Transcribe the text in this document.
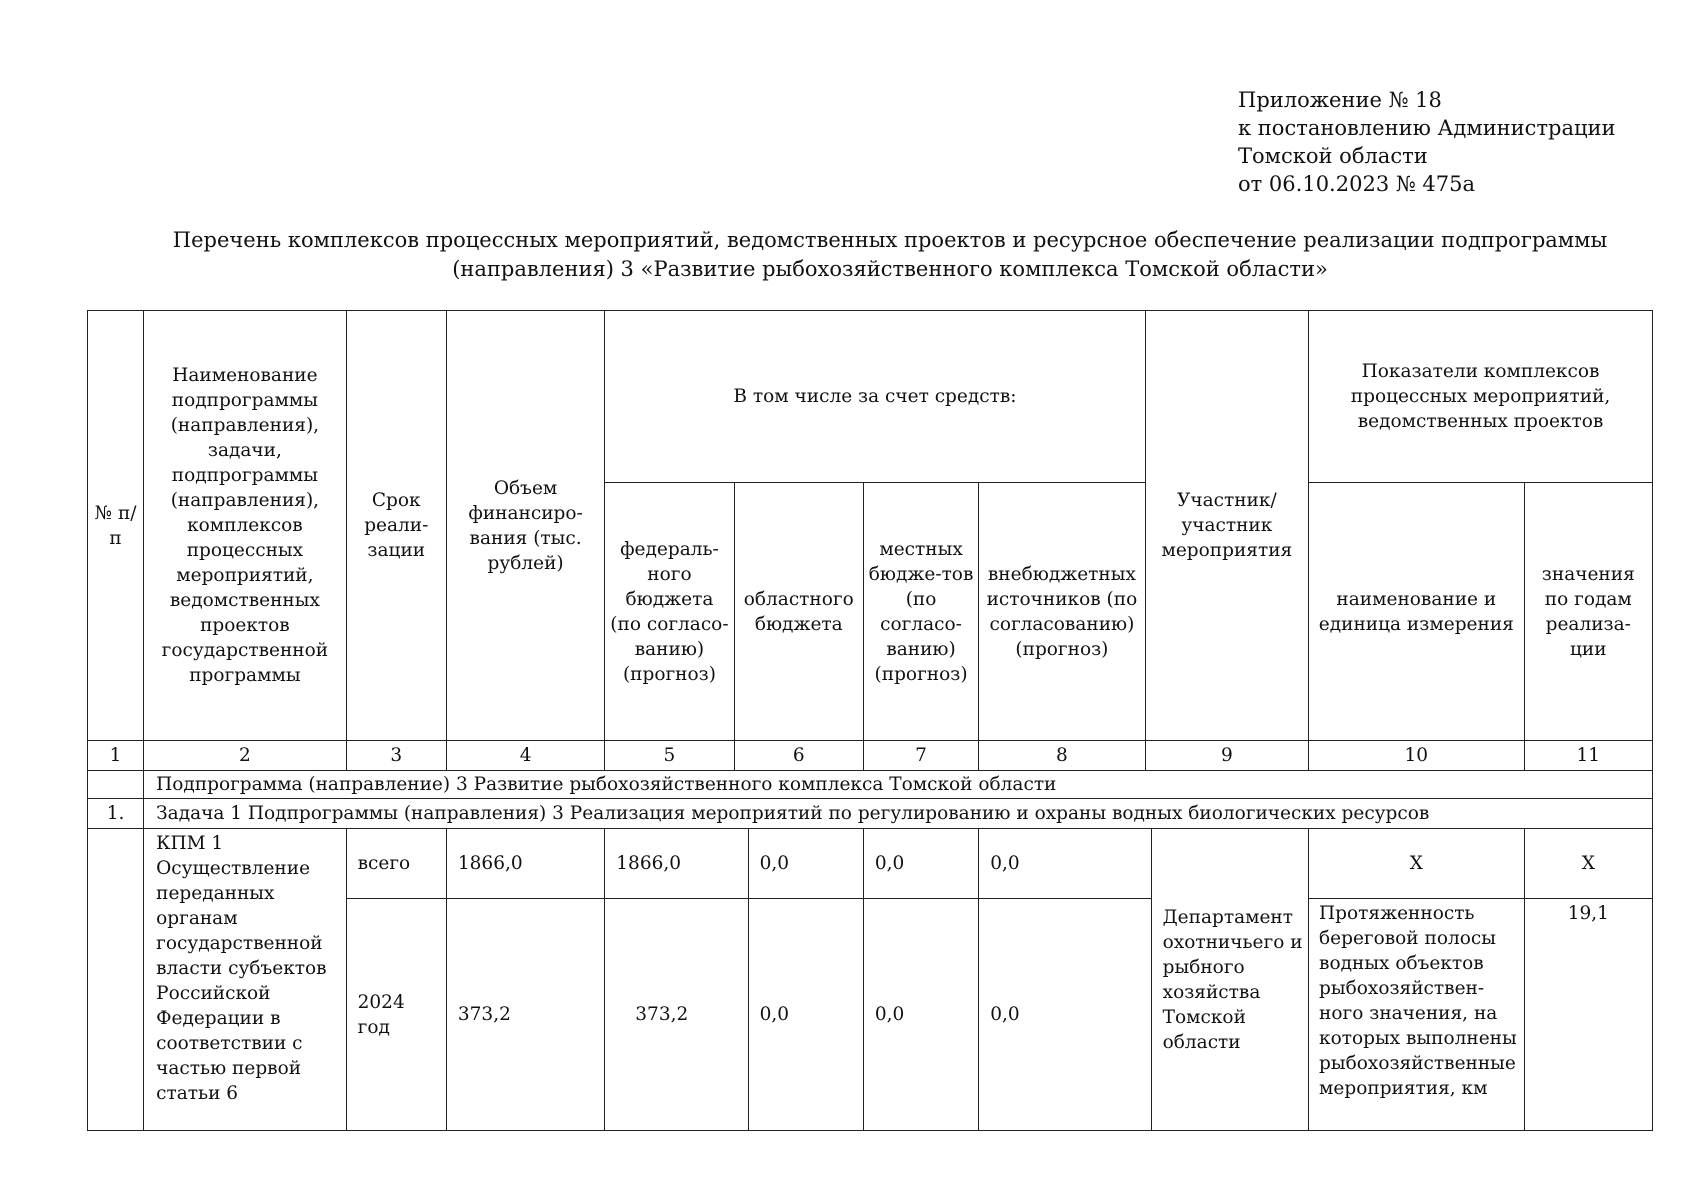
Приложение № 18
к постановлению Администрации
Томской области
от 06.10.2023 № 475а
Перечень комплексов процессных мероприятий, ведомственных проектов и ресурсное обеспечение реализации подпрограммы
(направления) 3 «Развитие рыбохозяйственного комплекса Томской области»
№ п/п	Наименование подпрограммы (направления), задачи, подпрограммы (направления), комплексов процессных мероприятий, ведомственных проектов государственной программы	Срок реали-зации	Объем финансиро-вания (тыс. рублей)	В том числе за счет средств:					Участник/ участник мероприятия		Показатели комплексов процессных мероприятий, ведомственных проектов	
				федераль-ного бюджета (по согласо-ванию) (прогноз)	областного бюджета		местных бюдже-тов (по согласо-ванию) (прогноз)	внебюджетных источников (по согласованию) (прогноз)			наименование и единица измерения	значения по годам реализа-ции
1	2	3	4	5	6		7	8	9		10	11
	Подпрограмма (направление) 3 Развитие рыбохозяйственного комплекса Томской области											
1.	Задача 1 Подпрограммы (направления) 3 Реализация мероприятий по регулированию и охраны водных биологических ресурсов											
	КПМ 1 Осуществление переданных органам государственной власти субъектов Российской Федерации в соответствии с частью первой статьи 6	всего	1866,0	1866,0		0,0	0,0	0,0		Департамент охотничьего и рыбного хозяйства Томской области	X	X
		2024 год	373,2	373,2		0,0	0,0	0,0			Протяженность береговой полосы водных объектов рыбохозяйствен-ного значения, на которых выполнены рыбохозяйственные мероприятия, км	19,1
